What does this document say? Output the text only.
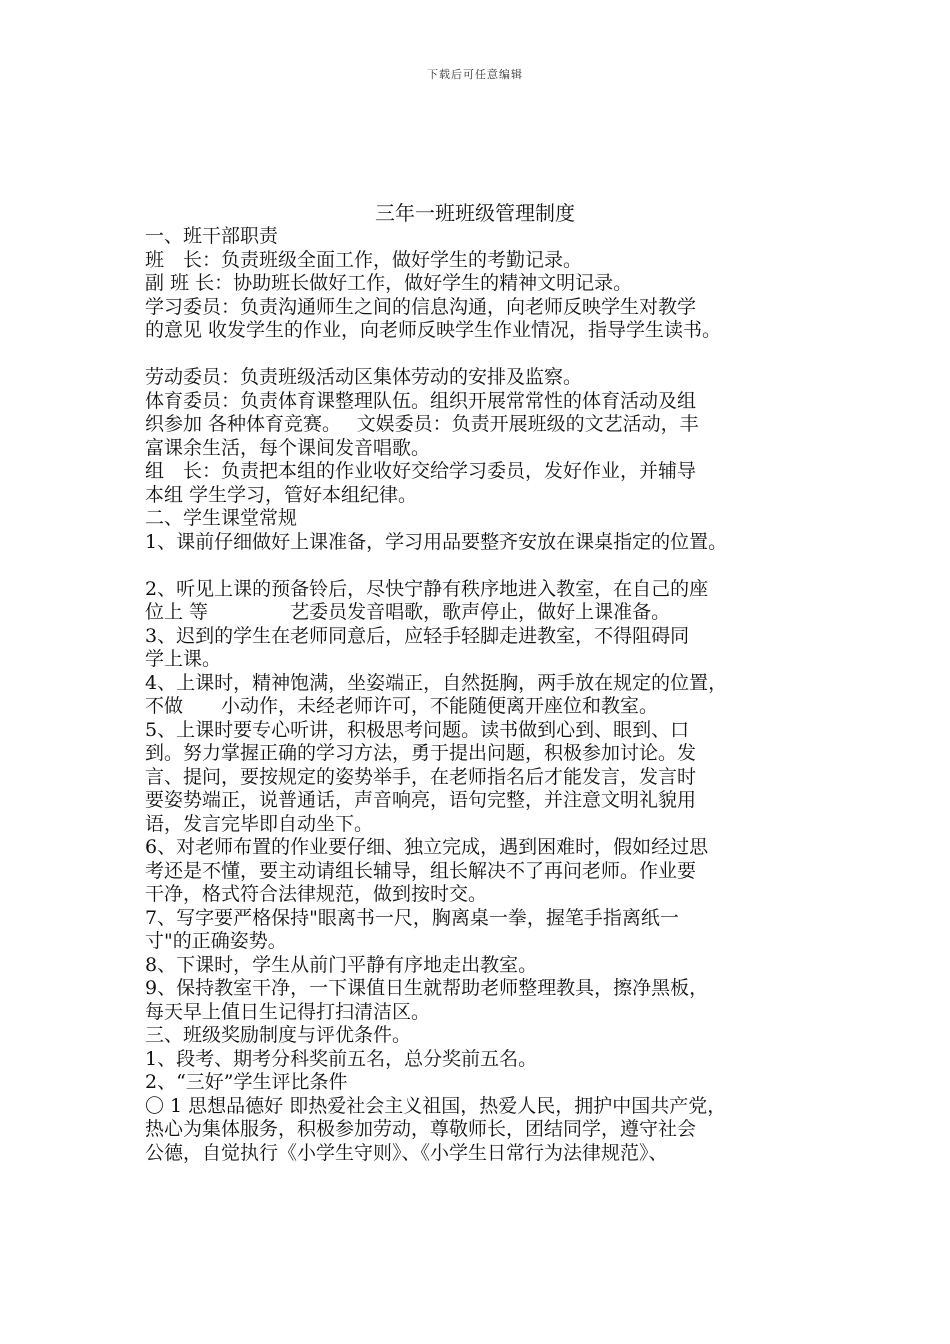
下载后可任意编辑
三年一班班级管理制度
一、班干部职责
班　长：负责班级全面工作，做好学生的考勤记录。
副 班 长：协助班长做好工作，做好学生的精神文明记录。
学习委员：负责沟通师生之间的信息沟通，向老师反映学生对教学
的意见 收发学生的作业，向老师反映学生作业情况，指导学生读书。
劳动委员：负责班级活动区集体劳动的安排及监察。
体育委员：负责体育课整理队伍。组织开展常常性的体育活动及组
织参加 各种体育竞赛。　 文娱委员：负责开展班级的文艺活动，丰
富课余生活，每个课间发音唱歌。
组　长：负责把本组的作业收好交给学习委员，发好作业，并辅导
本组 学生学习，管好本组纪律。
二、学生课堂常规
1、课前仔细做好上课准备，学习用品要整齐安放在课桌指定的位置。
2、听见上课的预备铃后，尽快宁静有秩序地进入教室，在自己的座
位上 等　　　　 艺委员发音唱歌，歌声停止，做好上课准备。
3、迟到的学生在老师同意后，应轻手轻脚走进教室，不得阻碍同
学上课。
4、上课时，精神饱满，坐姿端正，自然挺胸，两手放在规定的位置，
不做　　小动作，未经老师许可，不能随便离开座位和教室。
5、上课时要专心听讲，积极思考问题。读书做到心到、眼到、口
到。努力掌握正确的学习方法，勇于提出问题，积极参加讨论。发
言、提问，要按规定的姿势举手，在老师指名后才能发言，发言时
要姿势端正，说普通话，声音响亮，语句完整，并注意文明礼貌用
语，发言完毕即自动坐下。
6、对老师布置的作业要仔细、独立完成，遇到困难时，假如经过思
考还是不懂，要主动请组长辅导，组长解决不了再问老师。作业要
干净，格式符合法律规范，做到按时交。
7、写字要严格保持"眼离书一尺，胸离桌一拳，握笔手指离纸一
寸"的正确姿势。
8、下课时，学生从前门平静有序地走出教室。
9、保持教室干净，一下课值日生就帮助老师整理教具，擦净黑板，
每天早上值日生记得打扫清洁区。
三、班级奖励制度与评优条件。
1、段考、期考分科奖前五名，总分奖前五名。
2、“三好”学生评比条件
〇 1 思想品德好 即热爱社会主义祖国，热爱人民，拥护中国共产党，
热心为集体服务，积极参加劳动，尊敬师长，团结同学，遵守社会
公德，自觉执行《小学生守则》、《小学生日常行为法律规范》、
